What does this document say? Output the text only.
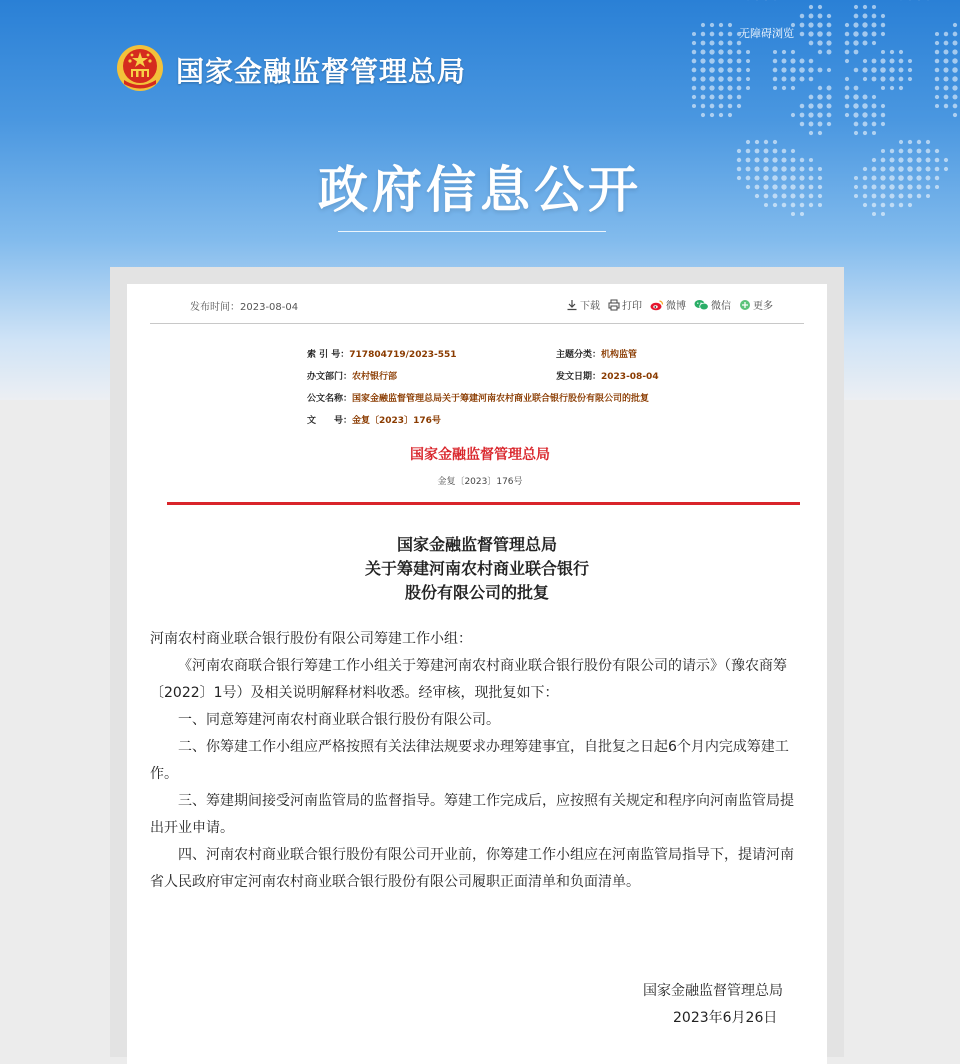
国家金融监督管理总局
无障碍浏览
政府信息公开
发布时间：2023-08-04	下载 打印 微博	微信 更多
索 引 号：717804719/2023-551	主题分类：机构监管
办文部门：农村银行部	发文日期：2023-08-04
公文名称：国家金融监督管理总局关于筹建河南农村商业联合银行股份有限公司的批复
文　　号：金复〔2023〕176号
国家金融监督管理总局
金复〔2023〕176号
国家金融监督管理总局
关于筹建河南农村商业联合银行
股份有限公司的批复

河南农村商业联合银行股份有限公司筹建工作小组：

《河南农商联合银行筹建工作小组关于筹建河南农村商业联合银行股份有限公司的请示》（豫农商筹〔2022〕1号）及相关说明解释材料收悉。经审核，现批复如下：

一、同意筹建河南农村商业联合银行股份有限公司。

二、你筹建工作小组应严格按照有关法律法规要求办理筹建事宜，自批复之日起6个月内完成筹建工作。

三、筹建期间接受河南监管局的监督指导。筹建工作完成后，应按照有关规定和程序向河南监管局提出开业申请。

四、河南农村商业联合银行股份有限公司开业前，你筹建工作小组应在河南监管局指导下，提请河南省人民政府审定河南农村商业联合银行股份有限公司履职正面清单和负面清单。

国家金融监督管理总局
2023年6月26日
